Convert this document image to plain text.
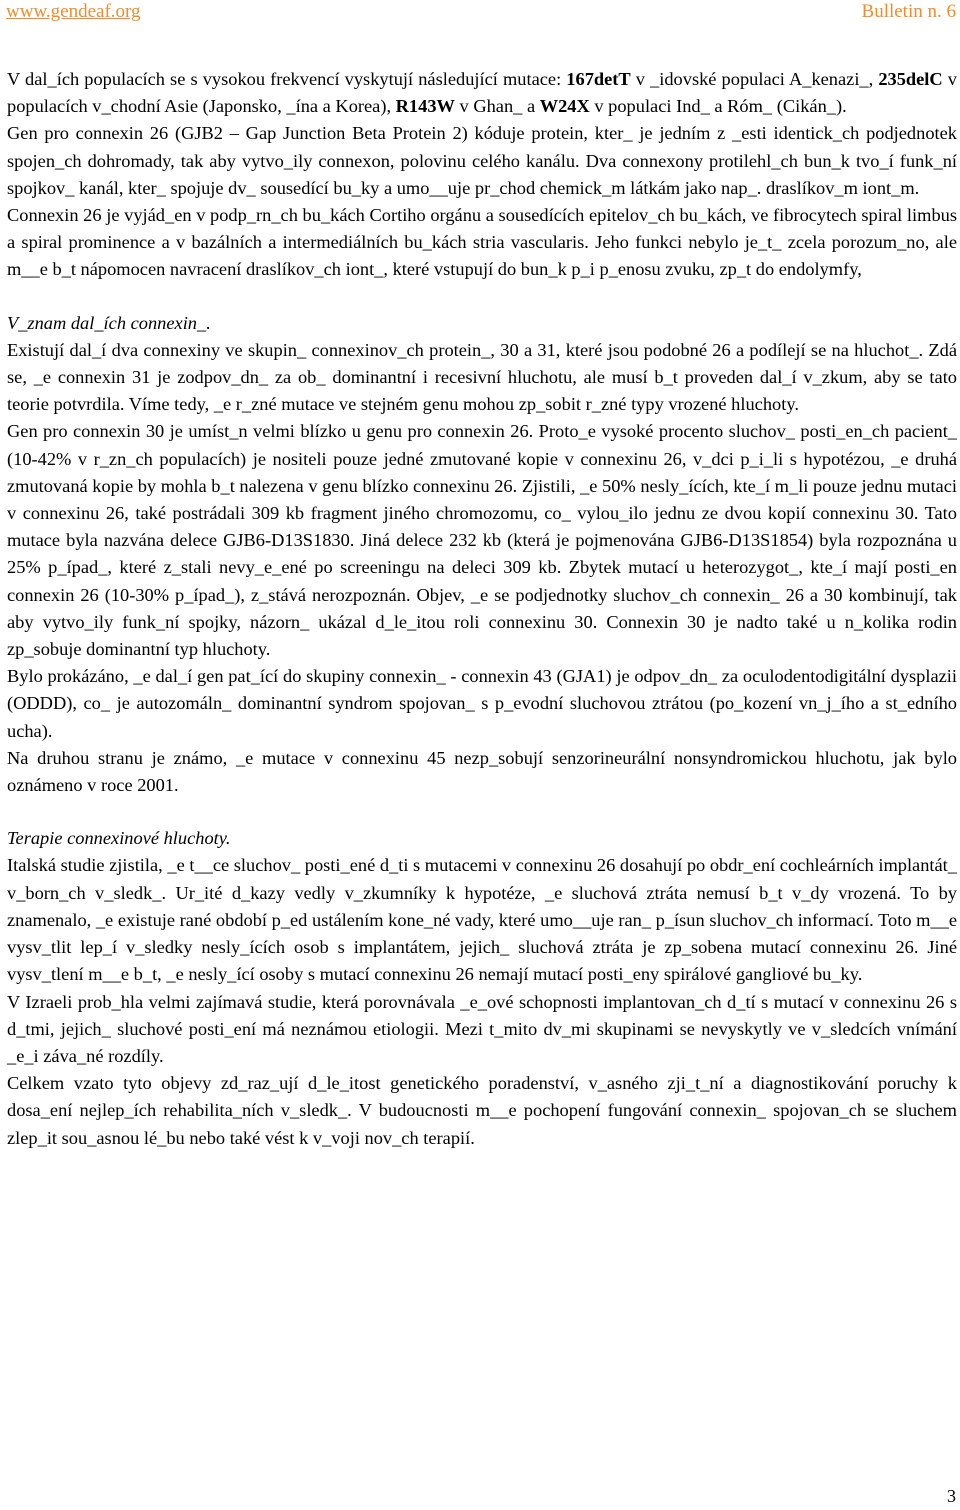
www.gendeaf.org	Bulletin n. 6

V dal_ích populacích se s vysokou frekvencí vyskytují následující mutace: 167detT v _idovské populaci A_kenazi_, 235delC v populacích v_chodní Asie (Japonsko, _ína a Korea), R143W v Ghan_ a W24X v populaci Ind_ a Róm_ (Cikán_).

Gen pro connexin 26 (GJB2 – Gap Junction Beta Protein 2) kóduje protein, kter_ je jedním z _esti identick_ch podjednotek spojen_ch dohromady, tak aby vytvo_ily connexon, polovinu celého kanálu. Dva connexony protilehl_ch bun_k tvo_í funk_ní spojkov_ kanál, kter_ spojuje dv_ sousedící bu_ky a umo__uje pr_chod chemick_m látkám jako nap_. draslíkov_m iont_m.

Connexin 26 je vyjád_en v podp_rn_ch bu_kách Cortiho orgánu a sousedících epitelov_ch bu_kách, ve fibrocytech spiral limbus a spiral prominence a v bazálních a intermediálních bu_kách stria vascularis. Jeho funkci nebylo je_t_ zcela porozum_no, ale m__e b_t nápomocen navracení draslíkov_ch iont_, které vstupují do bun_k p_i p_enosu zvuku, zp_t do endolymfy,

V_znam dal_ích connexin_.

Existují dal_í dva connexiny ve skupin_ connexinov_ch protein_, 30 a 31, které jsou podobné 26 a podílejí se na hluchot_. Zdá se, _e connexin 31 je zodpov_dn_ za ob_ dominantní i recesivní hluchotu, ale musí b_t proveden dal_í v_zkum, aby se tato teorie potvrdila. Víme tedy, _e r_zné mutace ve stejném genu mohou zp_sobit r_zné typy vrozené hluchoty.

Gen pro connexin 30 je umíst_n velmi blízko u genu pro connexin 26. Proto_e vysoké procento sluchov_ posti_en_ch pacient_ (10-42% v r_zn_ch populacích) je nositeli pouze jedné zmutované kopie v connexinu 26, v_dci p_i_li s hypotézou, _e druhá zmutovaná kopie by mohla b_t nalezena v genu blízko connexinu 26. Zjistili, _e 50% nesly_ících, kte_í m_li pouze jednu mutaci v connexinu 26, také postrádali 309 kb fragment jiného chromozomu, co_ vylou_ilo jednu ze dvou kopií connexinu 30. Tato mutace byla nazvána delece GJB6-D13S1830. Jiná delece 232 kb (která je pojmenována GJB6-D13S1854) byla rozpoznána u 25% p_ípad_, které z_stali nevy_e_ené po screeningu na deleci 309 kb. Zbytek mutací u heterozygot_, kte_í mají posti_en connexin 26 (10-30% p_ípad_), z_stává nerozpoznán. Objev, _e se podjednotky sluchov_ch connexin_ 26 a 30 kombinují, tak aby vytvo_ily funk_ní spojky, názorn_ ukázal d_le_itou roli connexinu 30. Connexin 30 je nadto také u n_kolika rodin zp_sobuje dominantní typ hluchoty.

Bylo prokázáno, _e dal_í gen pat_ící do skupiny connexin_ - connexin 43 (GJA1) je odpov_dn_ za oculodentodigitální dysplazii (ODDD), co_ je autozomáln_ dominantní syndrom spojovan_ s p_evodní sluchovou ztrátou (po_kození vn_j_ího a st_edního ucha).

Na druhou stranu je známo, _e mutace v connexinu 45 nezp_sobují senzorineurální nonsyndromickou hluchotu, jak bylo oznámeno v roce 2001.

Terapie connexinové hluchoty.

Italská studie zjistila, _e t__ce sluchov_ posti_ené d_ti s mutacemi v connexinu 26 dosahují po obdr_ení cochleárních implantát_ v_born_ch v_sledk_. Ur_ité d_kazy vedly v_zkumníky k hypotéze, _e sluchová ztráta nemusí b_t v_dy vrozená. To by znamenalo, _e existuje rané období p_ed ustálením kone_né vady, které umo__uje ran_ p_ísun sluchov_ch informací. Toto m__e vysv_tlit lep_í v_sledky nesly_ících osob s implantátem, jejich_ sluchová ztráta je zp_sobena mutací connexinu 26. Jiné vysv_tlení m__e b_t, _e nesly_ící osoby s mutací connexinu 26 nemají mutací posti_eny spirálové gangliové bu_ky.

V Izraeli prob_hla velmi zajímavá studie, která porovnávala _e_ové schopnosti implantovan_ch d_tí s mutací v connexinu 26 s d_tmi, jejich_ sluchové posti_ení má neznámou etiologii. Mezi t_mito dv_mi skupinami se nevyskytly ve v_sledcích vnímání _e_i záva_né rozdíly.

Celkem vzato tyto objevy zd_raz_ují d_le_itost genetického poradenství, v_asného zji_t_ní a diagnostikování poruchy k dosa_ení nejlep_ích rehabilita_ních v_sledk_. V budoucnosti m__e pochopení fungování connexin_ spojovan_ch se sluchem zlep_it sou_asnou lé_bu nebo také vést k v_voji nov_ch terapií.

3
